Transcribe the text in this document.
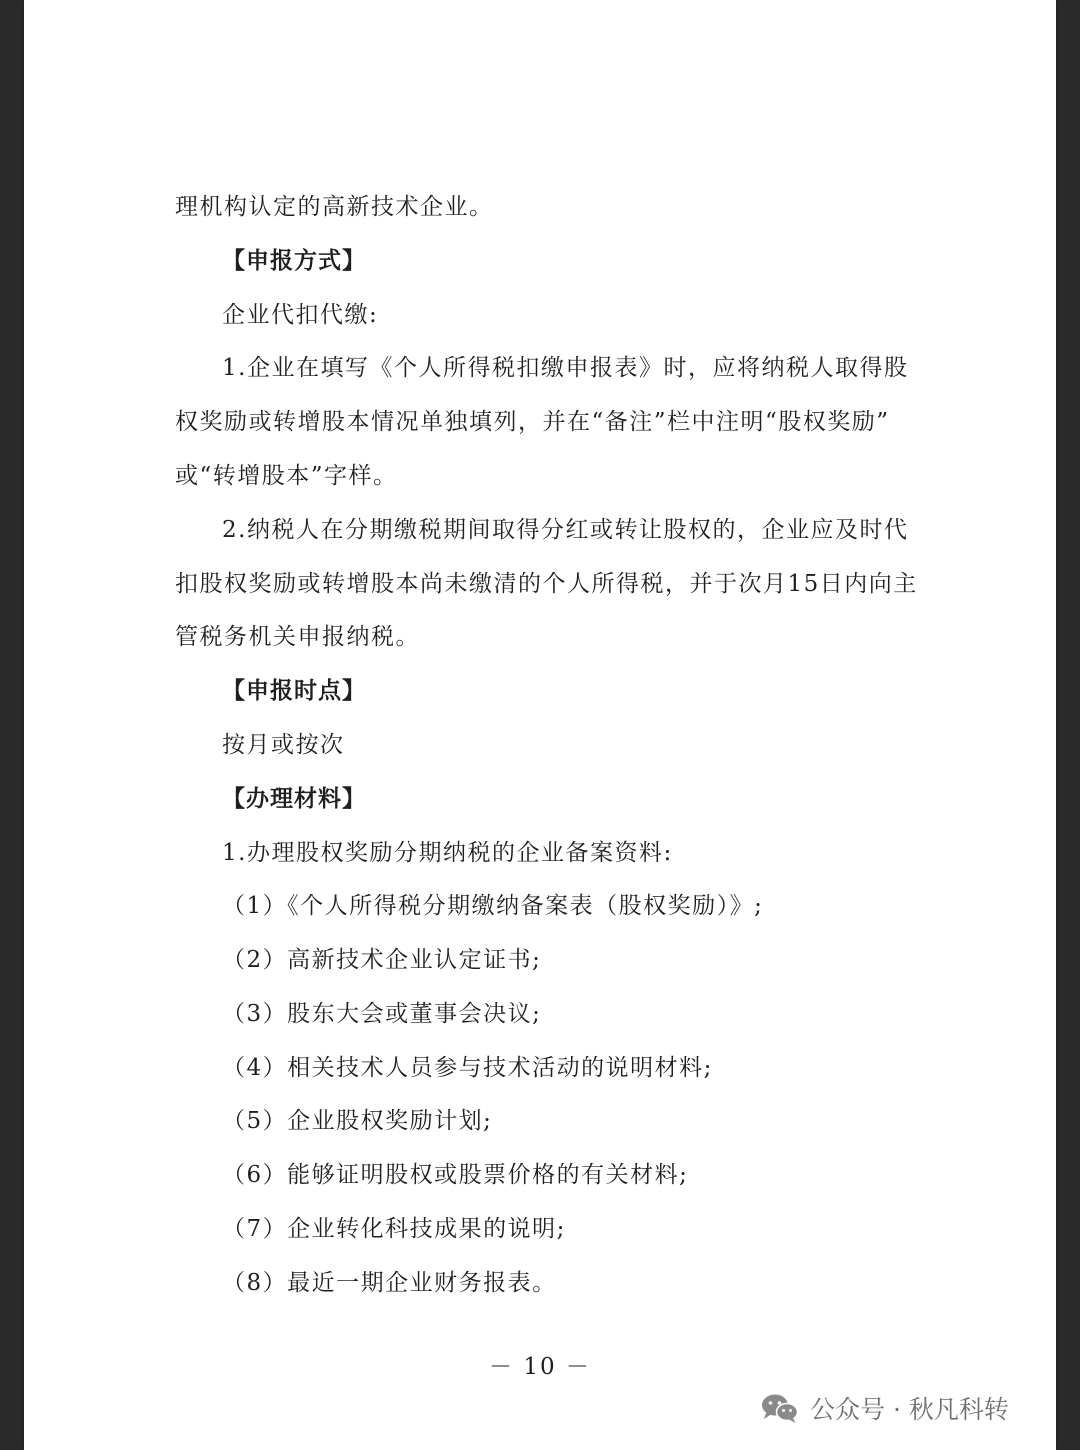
理机构认定的高新技术企业。
【申报方式】
企业代扣代缴:
1.企业在填写《个人所得税扣缴申报表》时，应将纳税人取得股
权奖励或转增股本情况单独填列，并在“备注”栏中注明“股权奖励”
或“转增股本”字样。
2.纳税人在分期缴税期间取得分红或转让股权的，企业应及时代
扣股权奖励或转增股本尚未缴清的个人所得税，并于次月15日内向主
管税务机关申报纳税。
【申报时点】
按月或按次
【办理材料】
1.办理股权奖励分期纳税的企业备案资料:
（1）《个人所得税分期缴纳备案表（股权奖励）》;
（2）高新技术企业认定证书;
（3）股东大会或董事会决议;
（4）相关技术人员参与技术活动的说明材料;
（5）企业股权奖励计划;
（6）能够证明股权或股票价格的有关材料;
（7）企业转化科技成果的说明;
（8）最近一期企业财务报表。
－ 10 －
公众号 · 秋凡科转
